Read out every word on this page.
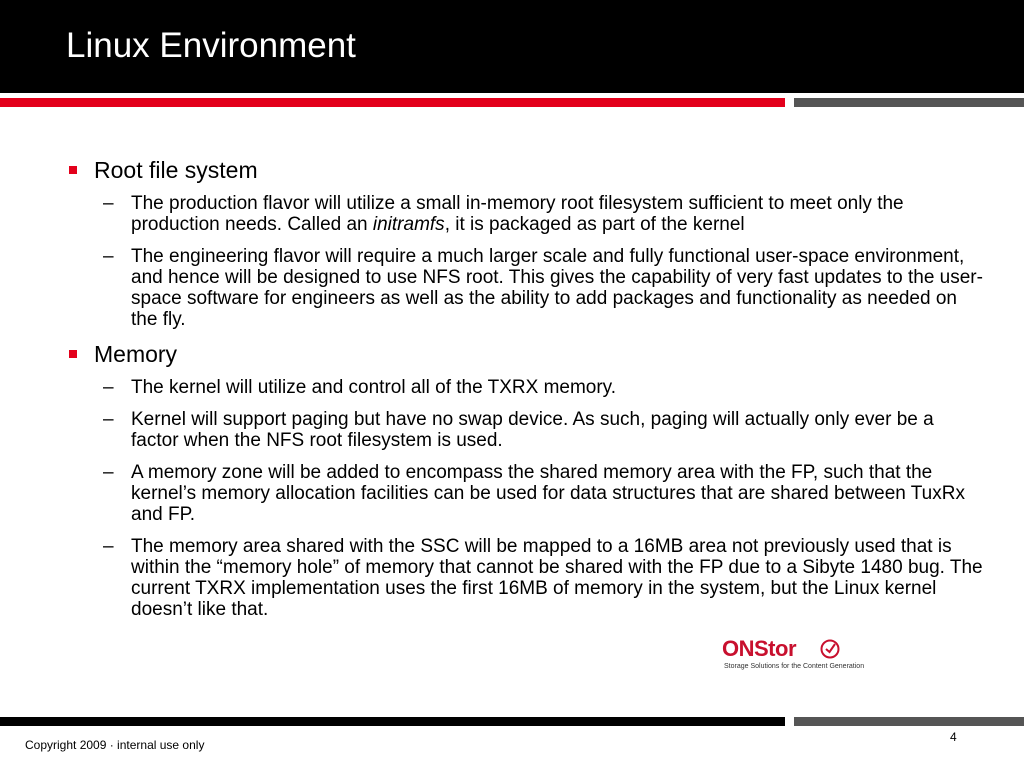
Linux Environment
Root file system
– The production flavor will utilize a small in-memory root filesystem sufficient to meet only the production needs. Called an initramfs, it is packaged as part of the kernel
– The engineering flavor will require a much larger scale and fully functional user-space environment, and hence will be designed to use NFS root. This gives the capability of very fast updates to the user-space software for engineers as well as the ability to add packages and functionality as needed on the fly.
Memory
– The kernel will utilize and control all of the TXRX memory.
– Kernel will support paging but have no swap device. As such, paging will actually only ever be a factor when the NFS root filesystem is used.
– A memory zone will be added to encompass the shared memory area with the FP, such that the kernel’s memory allocation facilities can be used for data structures that are shared between TuxRx and FP.
– The memory area shared with the SSC will be mapped to a 16MB area not previously used that is within the “memory hole” of memory that cannot be shared with the FP due to a Sibyte 1480 bug. The current TXRX implementation uses the first 16MB of memory in the system, but the Linux kernel doesn’t like that.
ONStor
Storage Solutions for the Content Generation
Copyright 2009 · internal use only
4
